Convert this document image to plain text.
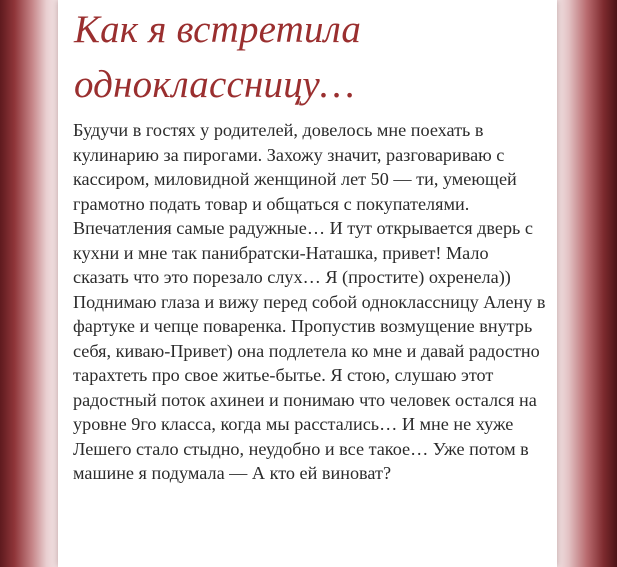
Как я встретила одноклассницу…

Будучи в гостях у родителей, довелось мне поехать в кулинарию за пирогами. Захожу значит, разговариваю с кассиром, миловидной женщиной лет 50 — ти, умеющей грамотно подать товар и общаться с покупателями. Впечатления самые радужные… И тут открывается дверь с кухни и мне так панибратски-Наташка, привет! Мало сказать что это порезало слух… Я (простите) охренела)) Поднимаю глаза и вижу перед собой одноклассницу Алену в фартуке и чепце поваренка. Пропустив возмущение внутрь себя, киваю-Привет) она подлетела ко мне и давай радостно тарахтеть про свое житье-бытье. Я стою, слушаю этот радостный поток ахинеи и понимаю что человек остался на уровне 9го класса, когда мы расстались… И мне не хуже Лешего стало стыдно, неудобно и все такое… Уже потом в машине я подумала — А кто ей виноват?
